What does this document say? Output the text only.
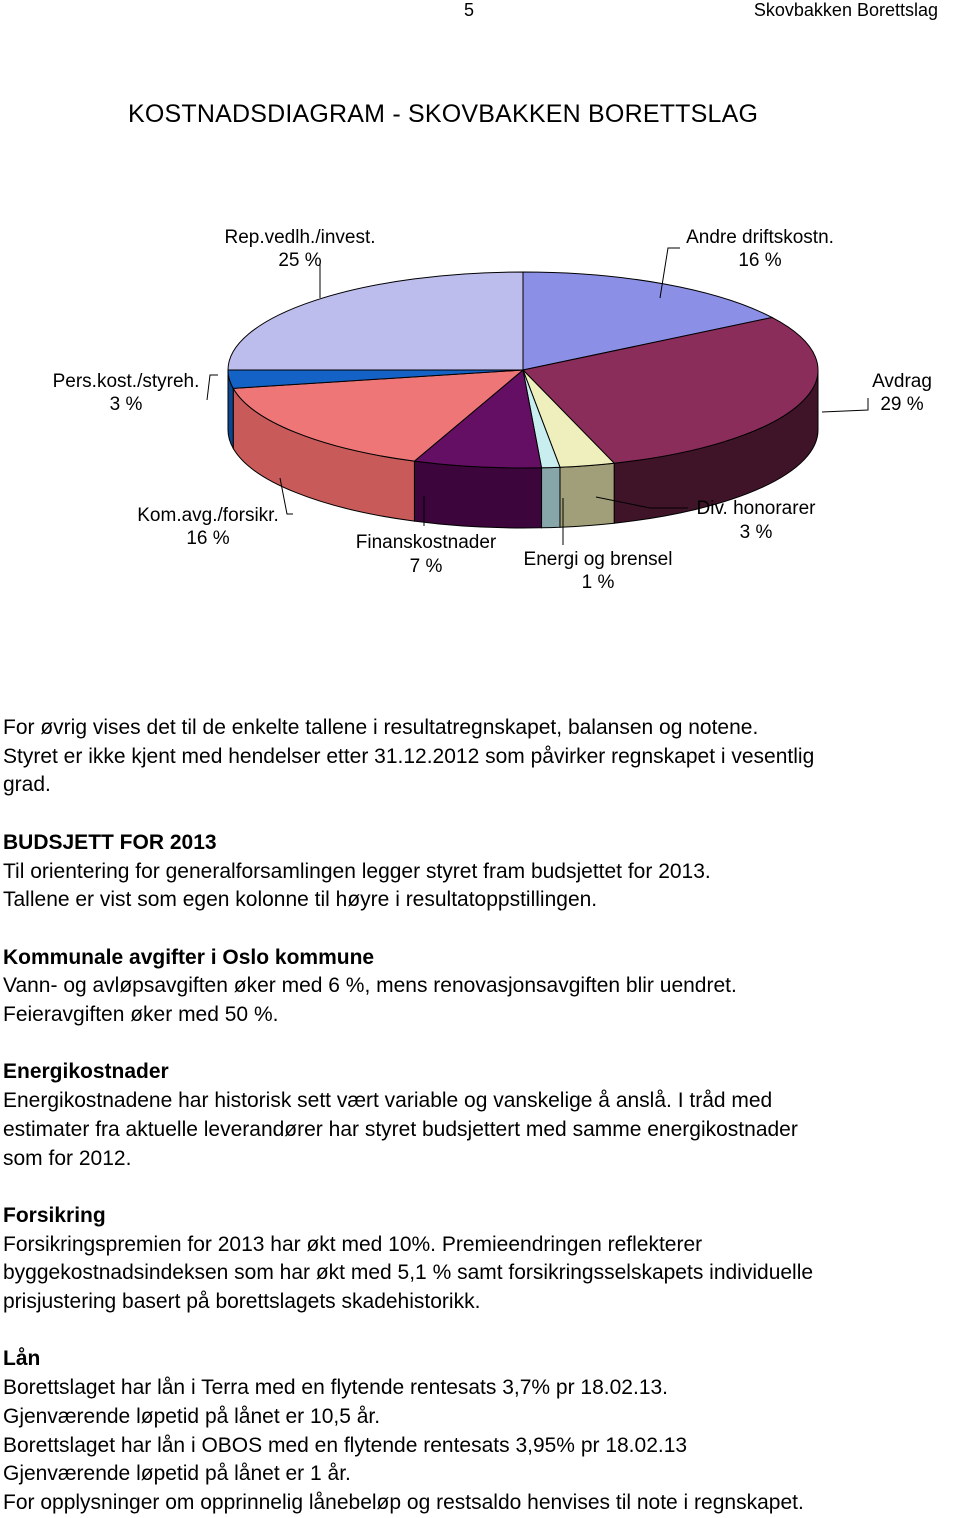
5	Skovbakken Borettslag
KOSTNADSDIAGRAM - SKOVBAKKEN BORETTSLAG
Rep.vedlh./invest.
25 %
Andre driftskostn.
16 %
Pers.kost./styreh.
3 %
Avdrag
29 %
Kom.avg./forsikr.
16 %	Finanskostnader
7 %	Energi og brensel
1 %
Div. honorarer
3 %

For øvrig vises det til de enkelte tallene i resultatregnskapet, balansen og notene.

Styret er ikke kjent med hendelser etter 31.12.2012 som påvirker regnskapet i vesentlig

grad.

BUDSJETT FOR 2013

Til orientering for generalforsamlingen legger styret fram budsjettet for 2013.

Tallene er vist som egen kolonne til høyre i resultatoppstillingen.

Kommunale avgifter i Oslo kommune

Vann- og avløpsavgiften øker med 6 %, mens renovasjonsavgiften blir uendret.

Feieravgiften øker med 50 %.

Energikostnader

Energikostnadene har historisk sett vært variable og vanskelige å anslå. I tråd med

estimater fra aktuelle leverandører har styret budsjettert med samme energikostnader

som for 2012.

Forsikring

Forsikringspremien for 2013 har økt med 10%. Premieendringen reflekterer

byggekostnadsindeksen som har økt med 5,1 % samt forsikringsselskapets individuelle

prisjustering basert på borettslagets skadehistorikk.

Lån

Borettslaget har lån i Terra med en flytende rentesats 3,7% pr 18.02.13.

Gjenværende løpetid på lånet er 10,5 år.

Borettslaget har lån i OBOS med en flytende rentesats 3,95% pr 18.02.13

Gjenværende løpetid på lånet er 1 år.

For opplysninger om opprinnelig lånebeløp og restsaldo henvises til note i regnskapet.
